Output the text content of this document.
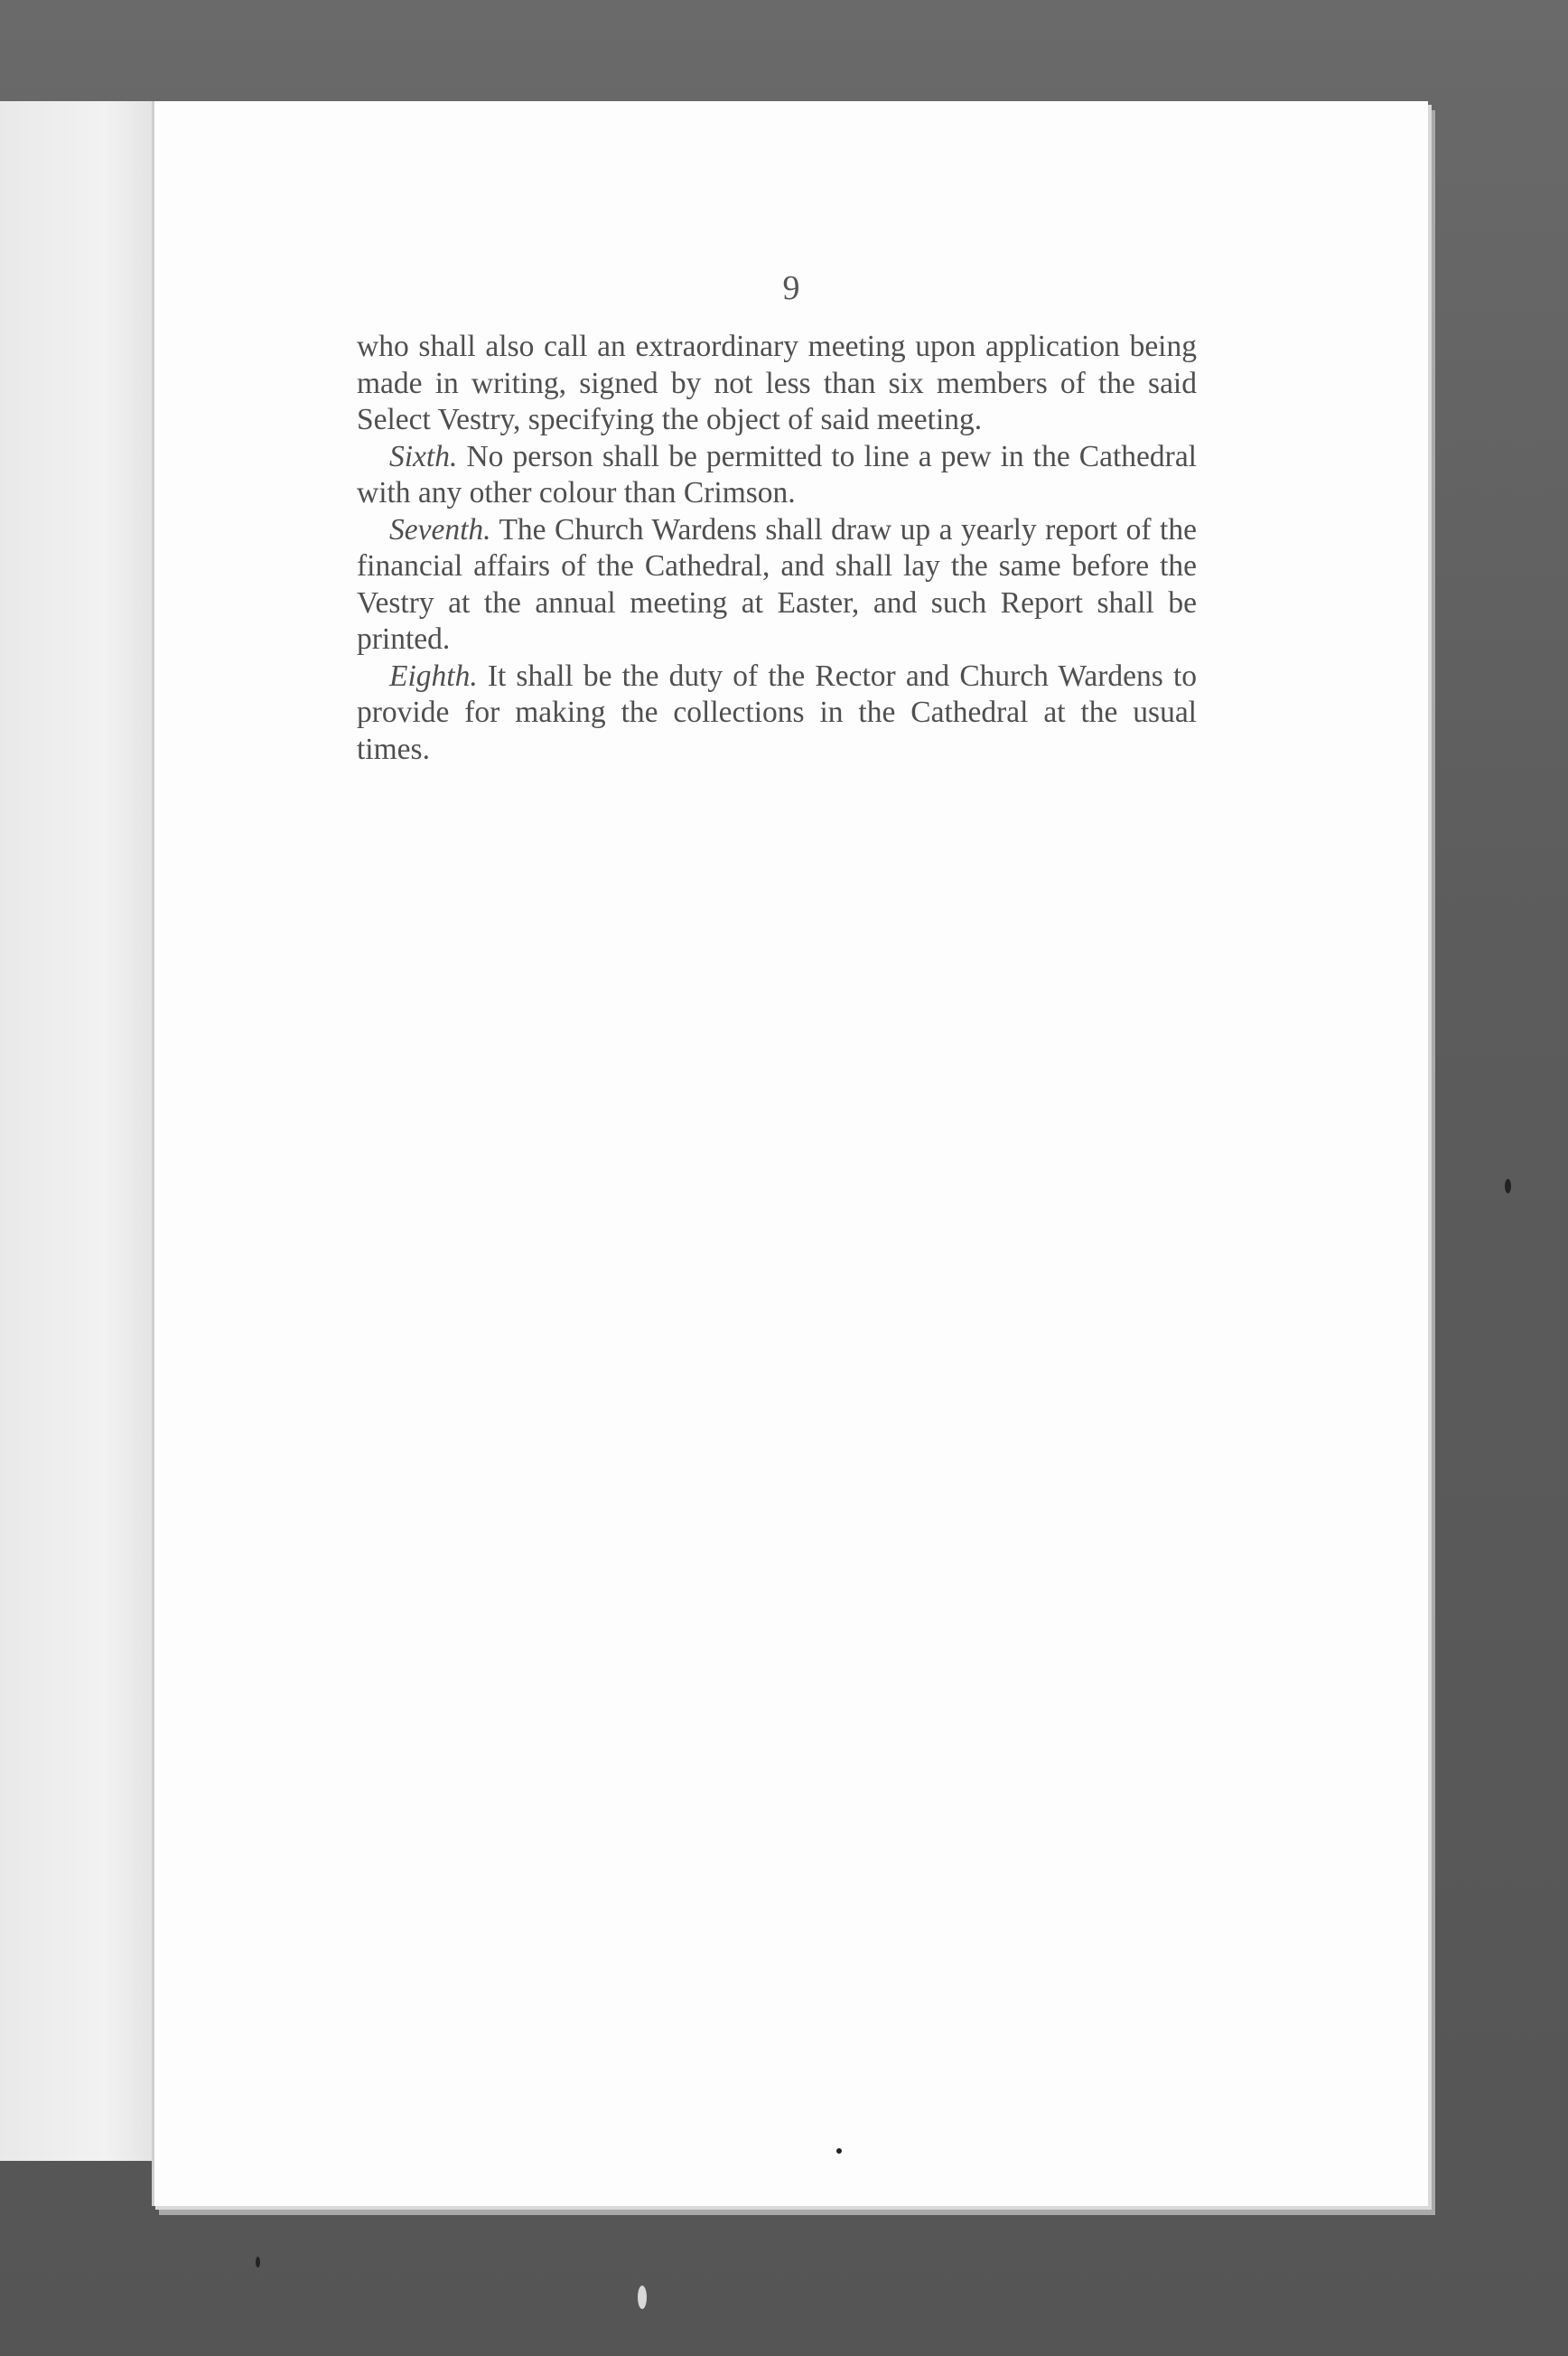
9

who shall also call an extraordinary meeting upon application being made in writing, signed by not less than six members of the said Select Vestry, specifying the object of said meeting.

Sixth. No person shall be permitted to line a pew in the Cathedral with any other colour than Crimson.

Seventh. The Church Wardens shall draw up a yearly report of the financial affairs of the Cathedral, and shall lay the same before the Vestry at the annual meeting at Easter, and such Report shall be printed.

Eighth. It shall be the duty of the Rector and Church Wardens to provide for making the collections in the Cathedral at the usual times.
